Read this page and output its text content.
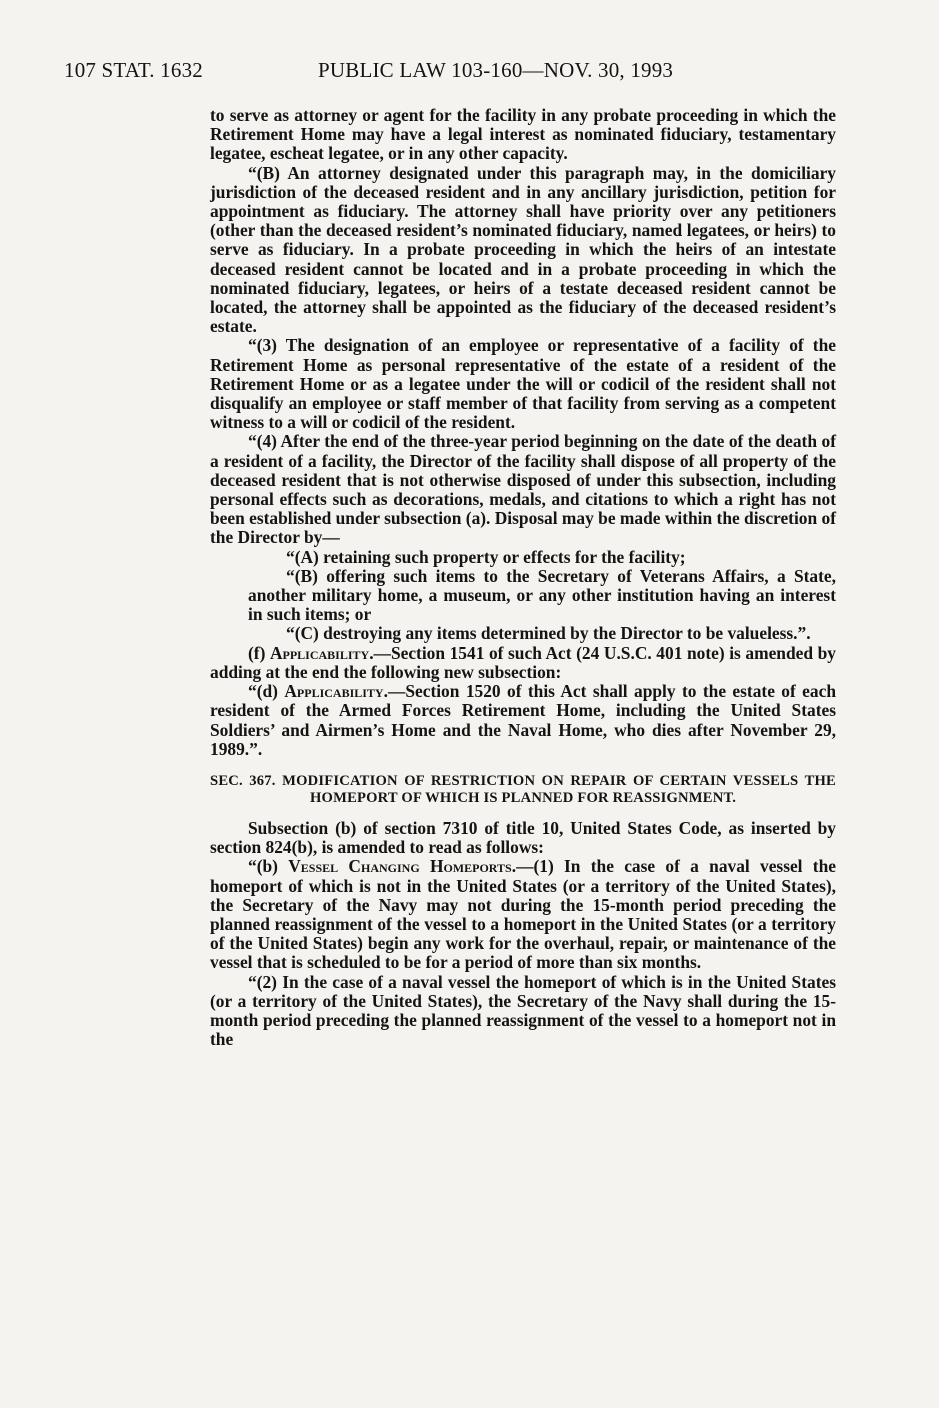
107 STAT. 1632	PUBLIC LAW 103-160—NOV. 30, 1993

to serve as attorney or agent for the facility in any probate proceeding in which the Retirement Home may have a legal interest as nominated fiduciary, testamentary legatee, escheat legatee, or in any other capacity.

“(B) An attorney designated under this paragraph may, in the domiciliary jurisdiction of the deceased resident and in any ancillary jurisdiction, petition for appointment as fiduciary. The attorney shall have priority over any petitioners (other than the deceased resident’s nominated fiduciary, named legatees, or heirs) to serve as fiduciary. In a probate proceeding in which the heirs of an intestate deceased resident cannot be located and in a probate proceeding in which the nominated fiduciary, legatees, or heirs of a testate deceased resident cannot be located, the attorney shall be appointed as the fiduciary of the deceased resident’s estate.

“(3) The designation of an employee or representative of a facility of the Retirement Home as personal representative of the estate of a resident of the Retirement Home or as a legatee under the will or codicil of the resident shall not disqualify an employee or staff member of that facility from serving as a competent witness to a will or codicil of the resident.

“(4) After the end of the three-year period beginning on the date of the death of a resident of a facility, the Director of the facility shall dispose of all property of the deceased resident that is not otherwise disposed of under this subsection, including personal effects such as decorations, medals, and citations to which a right has not been established under subsection (a). Disposal may be made within the discretion of the Director by—

“(A) retaining such property or effects for the facility;

“(B) offering such items to the Secretary of Veterans Affairs, a State, another military home, a museum, or any other institution having an interest in such items; or

“(C) destroying any items determined by the Director to be valueless.”.

(f) Applicability.—Section 1541 of such Act (24 U.S.C. 401 note) is amended by adding at the end the following new subsection:

“(d) Applicability.—Section 1520 of this Act shall apply to the estate of each resident of the Armed Forces Retirement Home, including the United States Soldiers’ and Airmen’s Home and the Naval Home, who dies after November 29, 1989.”.

SEC. 367. MODIFICATION OF RESTRICTION ON REPAIR OF CERTAIN VESSELS THE HOMEPORT OF WHICH IS PLANNED FOR REASSIGNMENT.

Subsection (b) of section 7310 of title 10, United States Code, as inserted by section 824(b), is amended to read as follows:

“(b) Vessel Changing Homeports.—(1) In the case of a naval vessel the homeport of which is not in the United States (or a territory of the United States), the Secretary of the Navy may not during the 15-month period preceding the planned reassignment of the vessel to a homeport in the United States (or a territory of the United States) begin any work for the overhaul, repair, or maintenance of the vessel that is scheduled to be for a period of more than six months.

“(2) In the case of a naval vessel the homeport of which is in the United States (or a territory of the United States), the Secretary of the Navy shall during the 15-month period preceding the planned reassignment of the vessel to a homeport not in the
